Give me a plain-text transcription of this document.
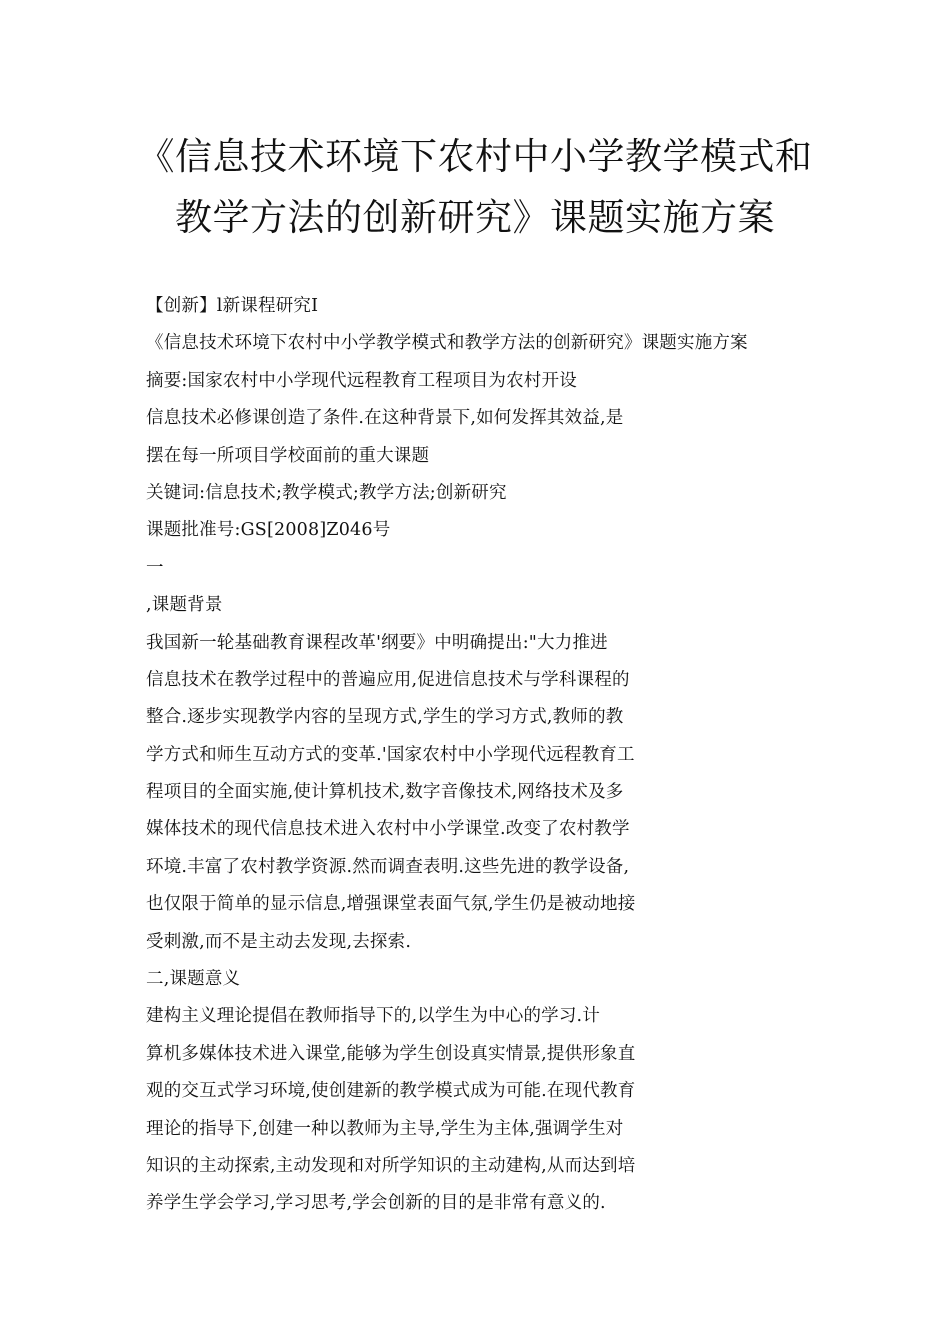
《信息技术环境下农村中小学教学模式和
教学方法的创新研究》课题实施方案
【创新】l新课程研究I
《信息技术环境下农村中小学教学模式和教学方法的创新研究》课题实施方案
摘要:国家农村中小学现代远程教育工程项目为农村开设
信息技术必修课创造了条件.在这种背景下,如何发挥其效益,是
摆在每一所项目学校面前的重大课题
关键词:信息技术;教学模式;教学方法;创新研究
课题批准号:GS[2008]Z046号
一
,课题背景
我国新一轮基础教育课程改革'纲要》中明确提出:"大力推进
信息技术在教学过程中的普遍应用,促进信息技术与学科课程的
整合.逐步实现教学内容的呈现方式,学生的学习方式,教师的教
学方式和师生互动方式的变革.'国家农村中小学现代远程教育工
程项目的全面实施,使计算机技术,数字音像技术,网络技术及多
媒体技术的现代信息技术进入农村中小学课堂.改变了农村教学
环境.丰富了农村教学资源.然而调查表明.这些先进的教学设备,
也仅限于简单的显示信息,增强课堂表面气氛,学生仍是被动地接
受刺激,而不是主动去发现,去探索.
二,课题意义
建构主义理论提倡在教师指导下的,以学生为中心的学习.计
算机多媒体技术进入课堂,能够为学生创设真实情景,提供形象直
观的交互式学习环境,使创建新的教学模式成为可能.在现代教育
理论的指导下,创建一种以教师为主导,学生为主体,强调学生对
知识的主动探索,主动发现和对所学知识的主动建构,从而达到培
养学生学会学习,学习思考,学会创新的目的是非常有意义的.
